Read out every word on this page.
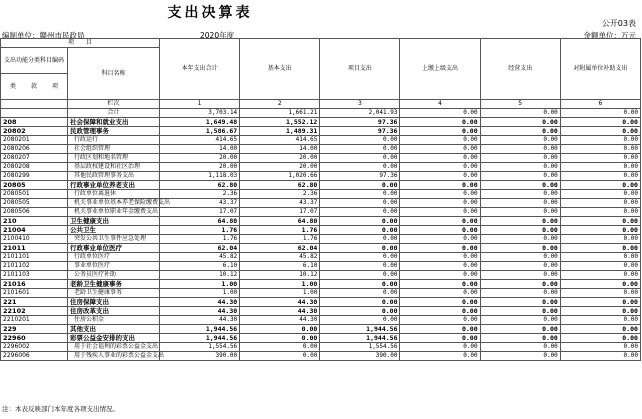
支出决算表
公开03表
编制单位：赣州市民政局	2020年度	金额单位：万元
项　　目		本年支出合计	基本支出	项目支出	上缴上级支出	经营支出	对附属单位补助支出
支出功能分类科目编码	科目名称						
类 款 项							
	栏次	1	2	3	4	5	6
	合计	3,703.14	1,661.21	2,041.93	0.00	0.00	0.00
208	社会保障和就业支出	1,649.48	1,552.12	97.36	0.00	0.00	0.00
20802	民政管理事务	1,586.67	1,489.31	97.36	0.00	0.00	0.00
2080201	行政运行	414.65	414.65	0.00	0.00	0.00	0.00
2080206	社会组织管理	14.00	14.00	0.00	0.00	0.00	0.00
2080207	行政区划和地名管理	20.00	20.00	0.00	0.00	0.00	0.00
2080208	基层政权建设和社区治理	20.00	20.00	0.00	0.00	0.00	0.00
2080299	其他民政管理事务支出	1,118.03	1,020.66	97.36	0.00	0.00	0.00
20805	行政事业单位养老支出	62.80	62.80	0.00	0.00	0.00	0.00
2080501	行政单位离退休	2.36	2.36	0.00	0.00	0.00	0.00
2080505	机关事业单位基本养老保险缴费支出	43.37	43.37	0.00	0.00	0.00	0.00
2080506	机关事业单位职业年金缴费支出	17.07	17.07	0.00	0.00	0.00	0.00
210	卫生健康支出	64.80	64.80	0.00	0.00	0.00	0.00
21004	公共卫生	1.76	1.76	0.00	0.00	0.00	0.00
2100410	突发公共卫生事件应急处理	1.76	1.76	0.00	0.00	0.00	0.00
21011	行政事业单位医疗	62.04	62.04	0.00	0.00	0.00	0.00
2101101	行政单位医疗	45.82	45.82	0.00	0.00	0.00	0.00
2101102	事业单位医疗	6.10	6.10	0.00	0.00	0.00	0.00
2101103	公务员医疗补助	10.12	10.12	0.00	0.00	0.00	0.00
21016	老龄卫生健康事务	1.00	1.00	0.00	0.00	0.00	0.00
2101601	老龄卫生健康事务	1.00	1.00	0.00	0.00	0.00	0.00
221	住房保障支出	44.30	44.30	0.00	0.00	0.00	0.00
22102	住房改革支出	44.30	44.30	0.00	0.00	0.00	0.00
2210201	住房公积金	44.30	44.30	0.00	0.00	0.00	0.00
229	其他支出	1,944.56	0.00	1,944.56	0.00	0.00	0.00
22960	彩票公益金安排的支出	1,944.56	0.00	1,944.56	0.00	0.00	0.00
2296002	用于社会福利的彩票公益金支出	1,554.56	0.00	1,554.56	0.00	0.00	0.00
2296006	用于残疾人事业的彩票公益金支出	390.00	0.00	390.00	0.00	0.00	0.00
注：本表反映部门本年度各项支出情况。
